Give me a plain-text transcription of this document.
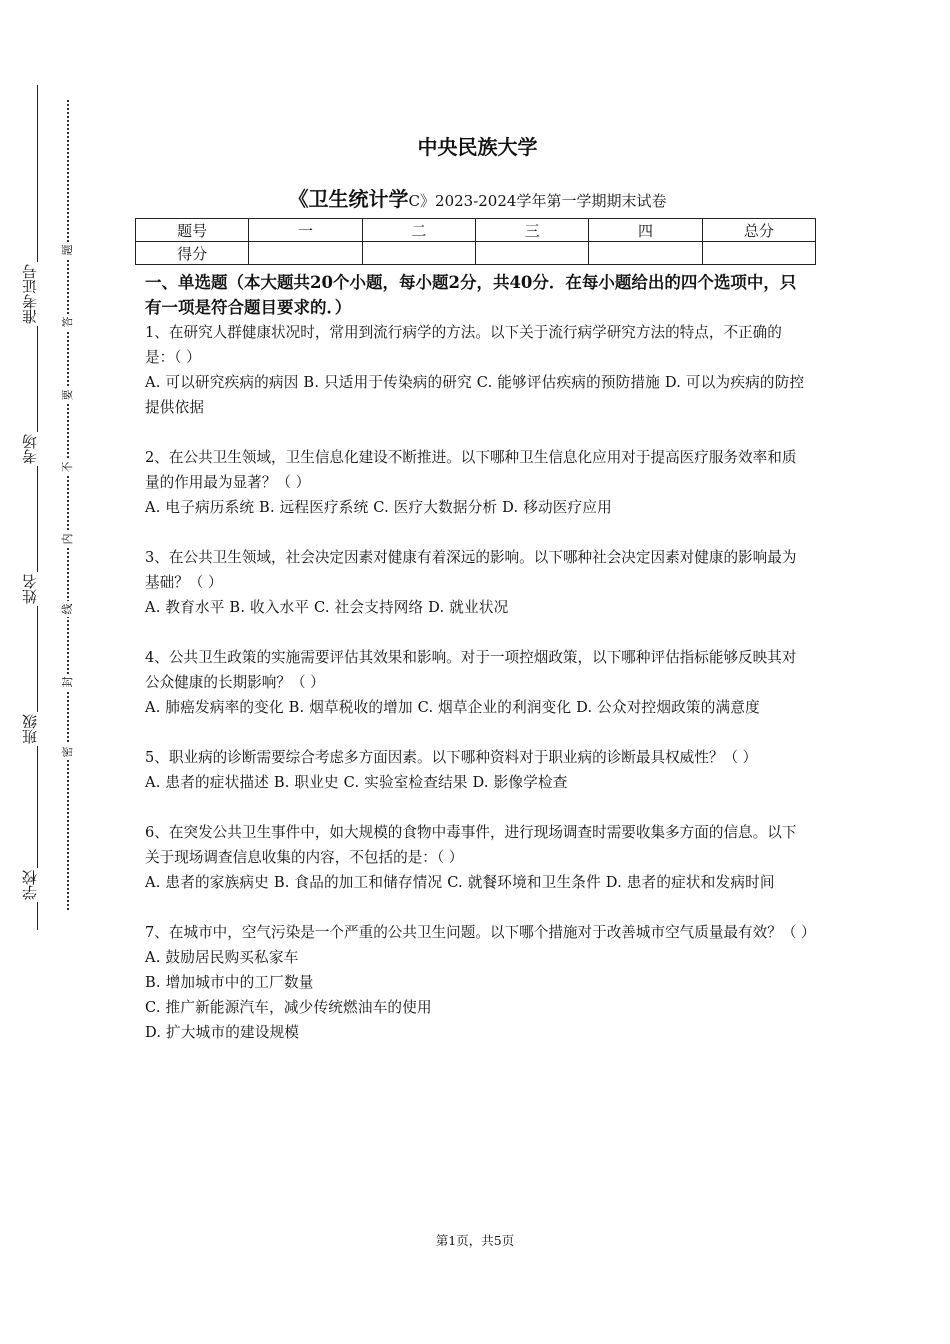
学校
班级
姓名
考场
准考证号
题
答
要
不
内
线
封
密
中央民族大学
《卫生统计学C》2023-2024学年第一学期期末试卷
题号	一	二	三	四	总分
得分					
一、单选题（本大题共20个小题，每小题2分，共40分．在每小题给出的四个选项中，只有一项是符合题目要求的．）

1、在研究人群健康状况时，常用到流行病学的方法。以下关于流行病学研究方法的特点，不正确的是：（ ）

A. 可以研究疾病的病因 B. 只适用于传染病的研究 C. 能够评估疾病的预防措施 D. 可以为疾病的防控提供依据

2、在公共卫生领域，卫生信息化建设不断推进。以下哪种卫生信息化应用对于提高医疗服务效率和质量的作用最为显著？（ ）

A. 电子病历系统 B. 远程医疗系统 C. 医疗大数据分析 D. 移动医疗应用

3、在公共卫生领域，社会决定因素对健康有着深远的影响。以下哪种社会决定因素对健康的影响最为基础？（ ）

A. 教育水平 B. 收入水平 C. 社会支持网络 D. 就业状况

4、公共卫生政策的实施需要评估其效果和影响。对于一项控烟政策，以下哪种评估指标能够反映其对公众健康的长期影响？（ ）

A. 肺癌发病率的变化 B. 烟草税收的增加 C. 烟草企业的利润变化 D. 公众对控烟政策的满意度

5、职业病的诊断需要综合考虑多方面因素。以下哪种资料对于职业病的诊断最具权威性？（ ）

A. 患者的症状描述 B. 职业史 C. 实验室检查结果 D. 影像学检查

6、在突发公共卫生事件中，如大规模的食物中毒事件，进行现场调查时需要收集多方面的信息。以下关于现场调查信息收集的内容，不包括的是：（ ）

A. 患者的家族病史 B. 食品的加工和储存情况 C. 就餐环境和卫生条件 D. 患者的症状和发病时间

7、在城市中，空气污染是一个严重的公共卫生问题。以下哪个措施对于改善城市空气质量最有效？（ ）

A. 鼓励居民购买私家车

B. 增加城市中的工厂数量

C. 推广新能源汽车，减少传统燃油车的使用

D. 扩大城市的建设规模

第1页，共5页
